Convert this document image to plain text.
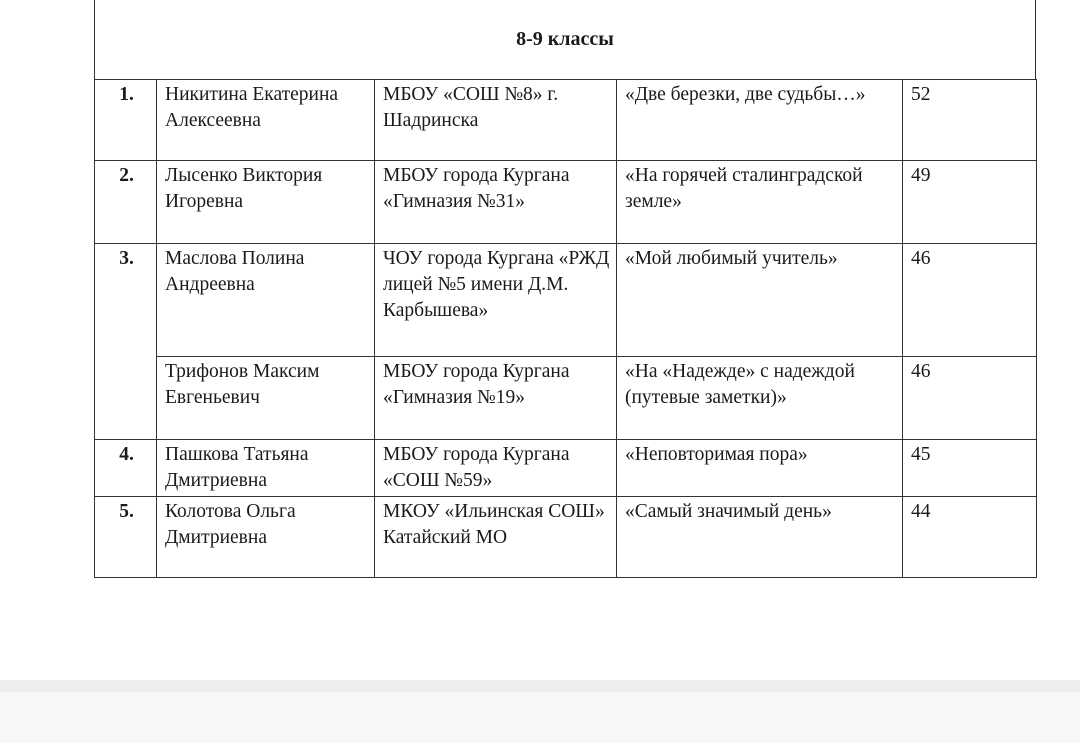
8-9 классы
1.	Никитина Екатерина Алексеевна	МБОУ «СОШ №8» г. Шадринска	«Две березки, две судьбы…»	52
2.	Лысенко Виктория Игоревна	МБОУ города Кургана «Гимназия №31»	«На горячей сталинградской земле»	49
3.	Маслова Полина Андреевна	ЧОУ города Кургана «РЖД лицей №5 имени Д.М. Карбышева»	«Мой любимый учитель»	46
	Трифонов Максим Евгеньевич	МБОУ города Кургана «Гимназия №19»	«На «Надежде» с надеждой (путевые заметки)»	46
4.	Пашкова Татьяна Дмитриевна	МБОУ города Кургана «СОШ №59»	«Неповторимая пора»	45
5.	Колотова Ольга Дмитриевна	МКОУ «Ильинская СОШ» Катайский МО	«Самый значимый день»	44
